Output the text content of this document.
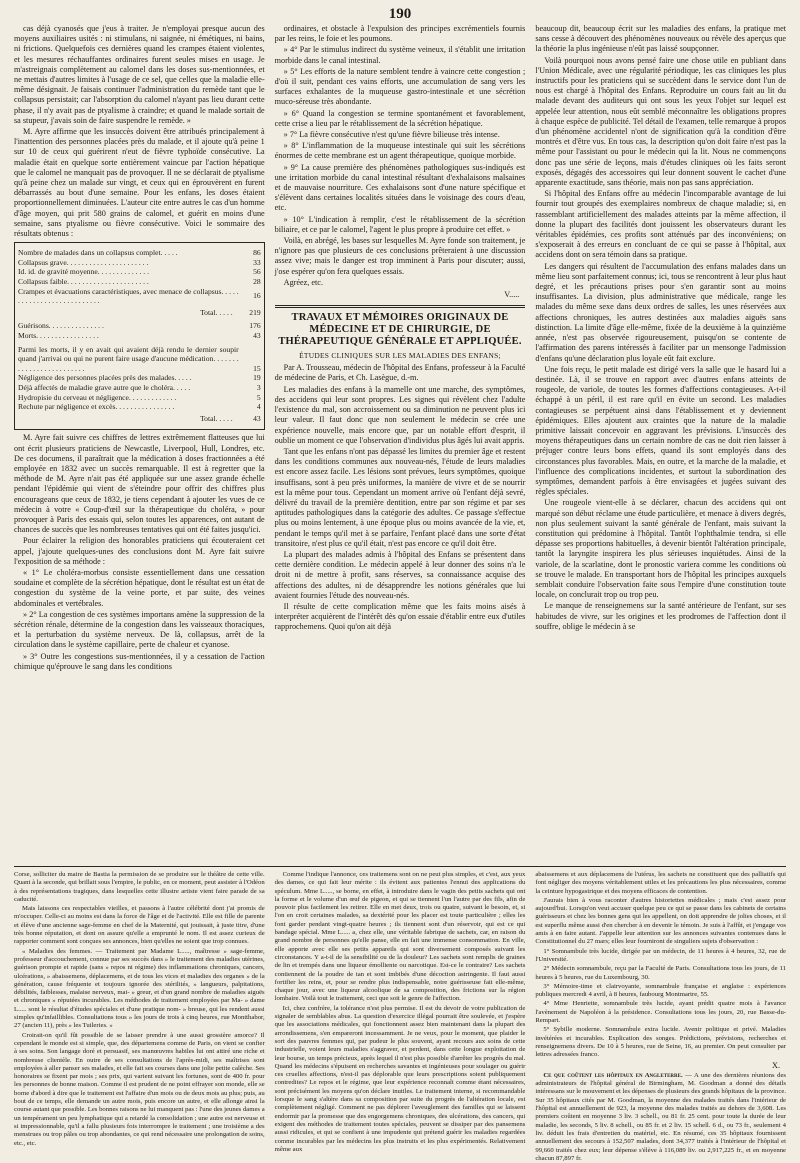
190

cas déjà cyanosés que j'eus à traiter. Je n'employai presque aucun des moyens auxiliaires usités : ni stimulans, ni saignée, ni émétiques, ni bains, ni frictions. Quelquefois ces dernières quand les crampes étaient violentes, et les mesures réchauffantes ordinaires furent seules mises en usage. Je m'astreignais complètement au calomel dans les doses sus-mentionnées, et ne mettais d'autres limites à l'usage de ce sel, que celles que la maladie elle-même désignait. Je faisais continuer l'administration du remède tant que le collapsus persistait; car l'absorption du calomel n'ayant pas lieu durant cette phase, il n'y avait pas de ptyalisme à craindre; et quand le malade sortait de sa stupeur, j'avais soin de faire suspendre le remède. »

M. Ayre affirme que les insuccès doivent être attribués principalement à l'inattention des personnes placées près du malade, et il ajoute qu'à peine 1 sur 10 de ceux qui guérirent n'eut de fièvre typhoïde consécutive. La maladie était en quelque sorte entièrement vaincue par l'action hépatique que le calomel ne manquait pas de provoquer. Il ne se déclarait de ptyalisme qu'à peine chez un malade sur vingt, et ceux qui en éprouvèrent en furent débarrassés au bout d'une semaine. Pour les enfans, les doses étaient proportionnellement diminuées. L'auteur cite entre autres le cas d'un homme d'âge moyen, qui prit 580 grains de calomel, et guérit en moins d'une semaine, sans ptyalisme ou fièvre consécutive. Voici le sommaire des résultats obtenus :

Nombre de malades dans un collapsus complet. . . . .	86
Collapsus grave. . . . . . . . . . . . . . . . . . . . . .	33
Id. id. de gravité moyenne. . . . . . . . . . . . . .	56
Collapsus faible. . . . . . . . . . . . . . . . . . . . . .	28
Crampes et évacuations caractéristiques, avec menace de collapsus. . . . . . . . . . . . . . . . . . . . . . . . . . .	16
Total. . . . .	219
Guérisons. . . . . . . . . . . . . . .	176
Morts. . . . . . . . . . . . . . . . .	43
Parmi les morts, il y en avait qui avaient déjà rendu le dernier soupir quand j'arrivai ou qui ne purent faire usage d'aucune médication. . . . . . . . . . . . . . . . . . . . . . . . .	15
Négligence des personnes placées près des malades. . . . .	19
Déjà affectés de maladie grave autre que le choléra. . . . .	3
Hydropisie du cerveau et négligence. . . . . . . . . . . . .	5
Rechute par négligence et excès. . . . . . . . . . . . . . . .	4
Total. . . . .	43

M. Ayre fait suivre ces chiffres de lettres extrêmement flatteuses que lui ont écrit plusieurs praticiens de Newcastle, Liverpool, Hull, Londres, etc. De ces documens, il paraîtrait que la médication à doses fractionnées a été employée en 1832 avec un succès remarquable. Il est à regretter que la méthode de M. Ayre n'ait pas été appliquée sur une assez grande échelle pendant l'épidémie qui vient de s'éteindre pour offrir des chiffres plus encourageans que ceux de 1832, je tiens cependant à ajouter les vues de ce médecin à votre « Coup-d'œil sur la thérapeutique du choléra, » pour provoquer à Paris des essais qui, selon toutes les apparences, ont autant de chances de succès que les nombreuses tentatives qui ont été faites jusqu'ici.

Pour éclairer la religion des honorables praticiens qui écouteraient cet appel, j'ajoute quelques-unes des conclusions dont M. Ayre fait suivre l'exposition de sa méthode :

« 1° Le choléra-morbus consiste essentiellement dans une cessation soudaine et complète de la sécrétion hépatique, dont le résultat est un état de congestion du système de la veine porte, et par suite, des veines abdominales et vertébrales.

» 2° La congestion de ces systèmes importans amène la suppression de la sécrétion rénale, détermine de la congestion dans les vaisseaux thoraciques, et la perturbation du système nerveux. De là, collapsus, arrêt de la circulation dans le système capillaire, perte de chaleur et cyanose.

» 3° Outre les congestions sus-mentionnées, il y a cessation de l'action chimique qu'éprouve le sang dans les conditions

ordinaires, et obstacle à l'expulsion des principes excrémentiels fournis par les reins, le foie et les poumons.

» 4° Par le stimulus indirect du système veineux, il s'établit une irritation morbide dans le canal intestinal.

» 5° Les efforts de la nature semblent tendre à vaincre cette congestion ; d'où il suit, pendant ces vains efforts, une accumulation de sang vers les surfaces exhalantes de la muqueuse gastro-intestinale et une sécrétion muco-séreuse très abondante.

» 6° Quand la congestion se termine spontanément et favorablement, cette crise a lieu par le rétablissement de la sécrétion hépatique.

» 7° La fièvre consécutive n'est qu'une fièvre bilieuse très intense.

» 8° L'inflammation de la muqueuse intestinale qui suit les sécrétions énormes de cette membrane est un agent thérapeutique, quoique morbide.

» 9° La cause première des phénomènes pathologiques sus-indiqués est une irritation morbide du canal intestinal résultant d'exhalaisons malsaines et de mauvaise nourriture. Ces exhalaisons sont d'une nature spécifique et s'élèvent dans certaines localités situées dans le voisinage des cours d'eau, etc.

» 10° L'indication à remplir, c'est le rétablissement de la sécrétion biliaire, et ce par le calomel, l'agent le plus propre à produire cet effet. »

Voilà, en abrégé, les bases sur lesquelles M. Ayre fonde son traitement, je n'ignore pas que plusieurs de ces conclusions prêteraient à une discussion assez vive; mais le danger est trop imminent à Paris pour discuter; aussi, j'ose espérer qu'on fera quelques essais.

Agréez, etc.

V.....
TRAVAUX ET MÉMOIRES ORIGINAUX DE MÉDECINE ET DE CHIRURGIE, DE THÉRAPEUTIQUE GÉNÉRALE ET APPLIQUÉE.
ÉTUDES CLINIQUES SUR LES MALADIES DES ENFANS;

Par A. Trousseau, médecin de l'hôpital des Enfans, professeur à la Faculté de médecine de Paris, et Ch. Lasègue, d.-m.

Les maladies des enfans à la mamelle ont une marche, des symptômes, des accidens qui leur sont propres. Les signes qui révèlent chez l'adulte l'existence du mal, son accroissement ou sa diminution ne peuvent plus ici leur valeur. Il faut donc que non seulement le médecin se crée une expérience nouvelle, mais encore que, par un notable effort d'esprit, il oublie un moment ce que l'observation d'individus plus âgés lui avait appris.

Tant que les enfans n'ont pas dépassé les limites du premier âge et restent dans les conditions communes aux nouveau-nés, l'étude de leurs maladies est encore assez facile. Les lésions sont prévues, leurs symptômes, quoique insuffisans, sont à peu près uniformes, la manière de vivre et de se nourrir est la même pour tous. Cependant un moment arrive où l'enfant déjà sevré, délivré du travail de la première dentition, entre par son régime et par ses aptitudes pathologiques dans la catégorie des adultes. Ce passage s'effectue plus ou moins lentement, à une époque plus ou moins avancée de la vie, et, pendant le temps qu'il met à se parfaire, l'enfant placé dans une sorte d'état transitoire, n'est plus ce qu'il était, n'est pas encore ce qu'il doit être.

La plupart des malades admis à l'hôpital des Enfans se présentent dans cette dernière condition. Le médecin appelé à leur donner des soins n'a le droit ni de mettre à profit, sans réserves, sa connaissance acquise des affections des adultes, ni de désapprendre les notions générales que lui avaient fournies l'étude des nouveau-nés.

Il résulte de cette complication même que les faits moins aisés à interpréter acquièrent de l'intérêt dès qu'on essaie d'établir entre eux d'utiles rapprochemens. Quoi qu'on ait déjà

beaucoup dit, beaucoup écrit sur les maladies des enfans, la pratique met sans cesse à découvert des phénomènes nouveaux ou révèle des aperçus que la théorie la plus ingénieuse n'eût pas laissé soupçonner.

Voilà pourquoi nous avons pensé faire une chose utile en publiant dans l'Union Médicale, avec une régularité périodique, les cas cliniques les plus instructifs pour les praticiens qui se succèdent dans le service dont l'un de nous est chargé à l'hôpital des Enfans. Reproduire un cours fait au lit du malade devant des auditeurs qui ont sous les yeux l'objet sur lequel est appelée leur attention, nous eût semblé méconnaître les obligations propres à chaque espèce de publicité. Tel détail de l'examen, telle remarque à propos d'un phénomène accidentel n'ont de signification qu'à la condition d'être montrés et d'être vus. En tous cas, la description qu'on doit faire n'est pas la même pour l'assistant ou pour le médecin qui la lit. Nous ne commençons donc pas une série de leçons, mais d'études cliniques où les faits seront exposés, dégagés des accessoires qui leur donnent souvent le cachet d'une apparente exactitude, sans théorie, mais non pas sans appréciation.

Si l'hôpital des Enfans offre au médecin l'incomparable avantage de lui fournir tout groupés des exemplaires nombreux de chaque maladie; si, en rassemblant artificiellement des malades atteints par la même affection, il donne la plupart des facilités dont jouissent les observateurs durant les véritables épidémies, ces profits sont atténués par des inconvéniens; on s'exposerait à des erreurs en concluant de ce qui se passe à l'hôpital, aux accidens dont on sera témoin dans sa pratique.

Les dangers qui résultent de l'accumulation des enfans malades dans un même lieu sont parfaitement connus; ici, tous se rencontrent à leur plus haut degré, et les précautions prises pour s'en garantir sont au moins insuffisantes. La division, plus administrative que médicale, range les malades du même sexe dans deux ordres de salles, les unes réservées aux affections chroniques, les autres destinées aux maladies aiguës sans distinction. La limite d'âge elle-même, fixée de la deuxième à la quinzième année, n'est pas observée rigoureusement, puisqu'on se contente de l'affirmation des parens intéressés à faciliter par un mensonge l'admission d'enfans qu'une déclaration plus loyale eût fait exclure.

Une fois reçu, le petit malade est dirigé vers la salle que le hasard lui a destinée. Là, il se trouve en rapport avec d'autres enfans atteints de rougeole, de variole, de toutes les formes d'affections contagieuses. A-t-il échappé à un péril, il est rare qu'il en évite un second. Les maladies contagieuses se perpétuent ainsi dans l'établissement et y deviennent épidémiques. Elles ajoutent aux craintes que la nature de la maladie primitive laissait concevoir en aggravant les prévisions. L'insuccès des moyens thérapeutiques dans un certain nombre de cas ne doit rien laisser à préjuger contre leurs bons effets, quand ils sont employés dans des circonstances plus favorables. Mais, en outre, et la marche de la maladie, et l'influence des complications incidentes, et surtout la subordination des symptômes, demandent parfois à être envisagées et jugées suivant des règles spéciales.

Une rougeole vient-elle à se déclarer, chacun des accidens qui ont marqué son début réclame une étude particulière, et menace à divers degrés, non plus seulement suivant la santé générale de l'enfant, mais suivant la constitution qui prédomine à l'hôpital. Tantôt l'ophthalmie tendra, si elle dépasse ses proportions habituelles, à devenir bientôt l'altération principale, tantôt la laryngite inspirera les plus sérieuses inquiétudes. Ainsi de la variole, de la scarlatine, dont le pronostic variera comme les conditions où se trouve le malade. En transportant hors de l'hôpital les principes auxquels semblait conduire l'observation faite sous l'empire d'une constitution toute locale, on conclurait trop ou trop peu.

Le manque de renseignemens sur la santé antérieure de l'enfant, sur ses habitudes de vivre, sur les origines et les prodromes de l'affection dont il souffre, oblige le médecin à se

Corse, solliciter du maire de Bastia la permission de se produire sur le théâtre de cette ville. Quant à la seconde, qui brillait sous l'empire, le public, en ce moment, peut assister à l'Odéon à des représentations tragiques, dans lesquelles cette illustre artiste vient faire parade de sa caducité.

Mais laissons ces respectables vieilles, et passons à l'autre célébrité dont j'ai promis de m'occuper. Celle-ci au moins est dans la force de l'âge et de l'activité. Elle est fille de parente et élève d'une ancienne sage-femme en chef de la Maternité, qui jouissait, à juste titre, d'une très bonne réputation, et dont on assure qu'elle a emprunté le nom. Il est assez curieux de rapporter comment sont conçues ses annonces, bien qu'elles ne soient que trop connues.

« Maladies des femmes. — Traitement par Madame L....., maîtresse » sage-femme, professeur d'accouchement, connue par ses succès dans » le traitement des maladies utérines, guérison prompte et rapide (sans » repos ni régime) des inflammations chroniques, cancers, ulcérations, » abaissemens, déplacemens, et de tous les vices et maladies des organes » de la génération, cause fréquente et toujours ignorée des stérilités, » langueurs, palpitations, débilités, faiblesses, malaise nerveux, mai- » greur, et d'un grand nombre de maladies aiguës et chroniques » réputées incurables. Les méthodes de traitement employées par Ma- » dame L..... sont le résultat d'études spéciales et d'une pratique nom- » breuse, qui les rendent aussi simples qu'infaillibles. Consultations tous » les jours de trois à cinq heures, rue Montthabor, 27 (ancien 11), près » les Tuileries. »

Croirait-on qu'il fût possible de se laisser prendre à une aussi grossière amorce? Il cependant le monde est si simple, que, des départemens comme de Paris, on vient se confier à ses soins. Son langage doré et persuasif, ses manœuvres habiles lui ont attiré une riche et nombreuse clientèle. En outre de ses consultations de l'après-midi, ses maîtrises sont employées à aller panser ses malades, et elle fait ses courses dans une jolie petite calèche. Ses honoraires se fixent par mois ; ses prix, qui varient suivant les fortunes, sont de 400 fr. pour les personnes de bonne maison. Comme il est prudent de ne point effrayer son monde, elle se borne d'abord à dire que le traitement est l'affaire d'un mois ou de deux mois au plus; puis, au bout de ce temps, elle demande un autre mois, puis encore un autre, et elle allonge ainsi la course autant que possible. Les bonnes raisons ne lui manquent pas : l'une des jeunes dames a un tempérament un peu lymphatique qui a retardé la consolidation ; une autre est nerveuse et si impressionnable, qu'il a fallu plusieurs fois interrompre le traitement ; une troisième a des menstrues ou trop pâles ou trop abondantes, ce qui rend nécessaire une prolongation de soins, etc., etc.

Comme l'indique l'annonce, ces traitemens sont on ne peut plus simples, et c'est, aux yeux des dames, ce qui fait leur mérite : ils évitent aux patientes l'ennui des applications du spéculum. Mme L....., se borne, en effet, à introduire dans le vagin des petits sachets qui ont la forme et le volume d'un œuf de pigeon, et qui se tiennent l'un l'autre par des fils, afin de pouvoir plus facilement les retirer. Elle en met deux, trois ou quatre, suivant le besoin, et, si l'on en croit certaines malades, sa dextérité pour les placer est toute particulière ; elles les font garder pendant vingt-quatre heures ; ils tiennent sont d'un réservoir, qui est ce qui bandage spécial. Mme L..... a, chez elle, une véritable fabrique de sachets, car, en raison du grand nombre de personnes qu'elle panse, elle en fait une immense consommation. En ville, elle apporte avec elle ses petits appareils qui sont diversement composés suivant les circonstances. Y a-t-il de la sensibilité ou de la douleur? Les sachets sont remplis de graines de lin et trempés dans une liqueur émolliente ou narcotique. Est-ce le contraire? Les sachets contiennent de la poudre de tan et sont imbibés d'une décoction astringente. Il faut aussi fortifier les reins, et, pour se rendre plus indispensable, notre guérisseuse fait elle-même, chaque jour, avec une liqueur alcoolique de sa composition, des frictions sur la région lombaire. Voilà tout le traitement, ceci que soit le genre de l'affection.

Ici, chez confrère, la tolérance n'est plus permise. Il est du devoir de votre publication de signaler de semblables abus. La question d'exercice illégal pourrait être soulevée, et j'espère que les associations médicales, qui fonctionnent assez bien maintenant dans la plupart des arrondissemens, s'en empareront incessamment. Je ne veux, pour le moment, que plaider le sort des pauvres femmes qui, par pudeur le plus souvent, ayant recours aux soins de cette industrielle, voient leurs maladies s'aggraver, et perdent, dans cette longue exploitation de leur bourse, un temps précieux, après lequel il n'est plus possible d'arrêter les progrès du mal. Quand les médecins s'épuisent en recherches savantes et ingénieuses pour soulager ou guérir ces cruelles affections, n'est-il pas déplorable que leurs prescriptions soient publiquement contredites? Le repos et le régime, que leur expérience reconnaît comme étant nécessaires, sont précisément les moyens qu'on déclare inutiles. Le traitement interne, si recommandable lorsque le sang s'altère dans sa composition par suite du progrès de l'altération locale, est complètement négligé. Comment ne pas déplorer l'aveuglement des familles qui se laissent endormir par la promesse que des engorgemens chroniques, des ulcérations, des cancers, qui exigent des méthodes de traitement toutes spéciales, peuvent se dissiper par des pansemens aussi ridicules, et qui se confient à une impudente qui prétend guérir les maladies regardées comme incurables par les médecins les plus instruits et les plus expérimentés. Relativement même aux

abaissemens et aux déplacemens de l'utérus, les sachets ne constituent que des palliatifs qui font négliger des moyens véritablement utiles et les précautions les plus nécessaires, comme la ceinture hypogastrique et des moyens efficaces de contention.

J'aurais bien à vous raconter d'autres historiettes médicales ; mais c'est assez pour aujourd'hui. Lorsqu'on veut accuser quelque peu ce qui se passe dans les cabinets de certains guérisseurs et chez les bonnes gens qui les appellent, on doit apprendre de jolies choses, et il est superflu même aussi d'en chercher à en devenir le témoin. Je suis à l'affût, et j'engage vos amis à en faire autant. J'appelle leur attention sur les annonces suivantes contenues dans le Constitutionnel du 27 mars; elles leur fourniront de singuliers sujets d'observation :

1° Somnambule très lucide, dirigée par un médecin, de 11 heures à 4 heures, 32, rue de l'Université.

2° Médecin somnambule, reçu par la Faculté de Paris. Consultations tous les jours, de 11 heures à 5 heures, rue du Luxembourg, 30.

3° Mémoire-time et clairvoyante, somnambule française et anglaise : expériences publiques mercredi 4 avril, à 8 heures, faubourg Montmartre, 55.

4° Mme Henriette, somnambule très lucide, ayant prédit quatre mois à l'avance l'avènement de Napoléon à la présidence. Consultations tous les jours, 20, rue Basse-du-Rempart.

5° Sybille moderne. Somnambule extra lucide. Avenir politique et privé. Maladies invétérées et incurables. Explication des songes. Prédictions, prévisions, recherches et renseignemens divers. De 10 à 5 heures, rue de Seine, 16, au premier. On peut consulter par lettres adressées franco.

X.

Ce que coûtent les hôpitaux en Angleterre. — A une des dernières réunions des administrateurs de l'hôpital général de Birmingham, M. Goodman a donné des détails intéressans sur le mouvement et les dépenses de plusieurs des grands hôpitaux de la province. Sur 35 hôpitaux cités par M. Goodman, la moyenne des malades traités dans l'intérieur de l'hôpital est annuellement de 923, la moyenne des malades traités au dehors de 3,608. Les premiers coûtent en moyenne 3 liv. 3 schell., ou 81 fr. 25 cent. pour toute la durée de leur maladie, les seconds, 5 liv. 8 schell., ou 85 fr. et 2 liv. 15 schell. 6 d., ou 73 fr., seulement 4 liv. déduit les frais d'entretien du matériel, etc. En résumé, ces 35 hôpitaux fournissent annuellement des secours à 152,507 malades, dont 34,377 traités à l'intérieur de l'hôpital et 99,660 traités chez eux; leur dépense s'élève à 116,089 liv. ou 2,917,225 fr., et en moyenne chacun 87,897 fr.
